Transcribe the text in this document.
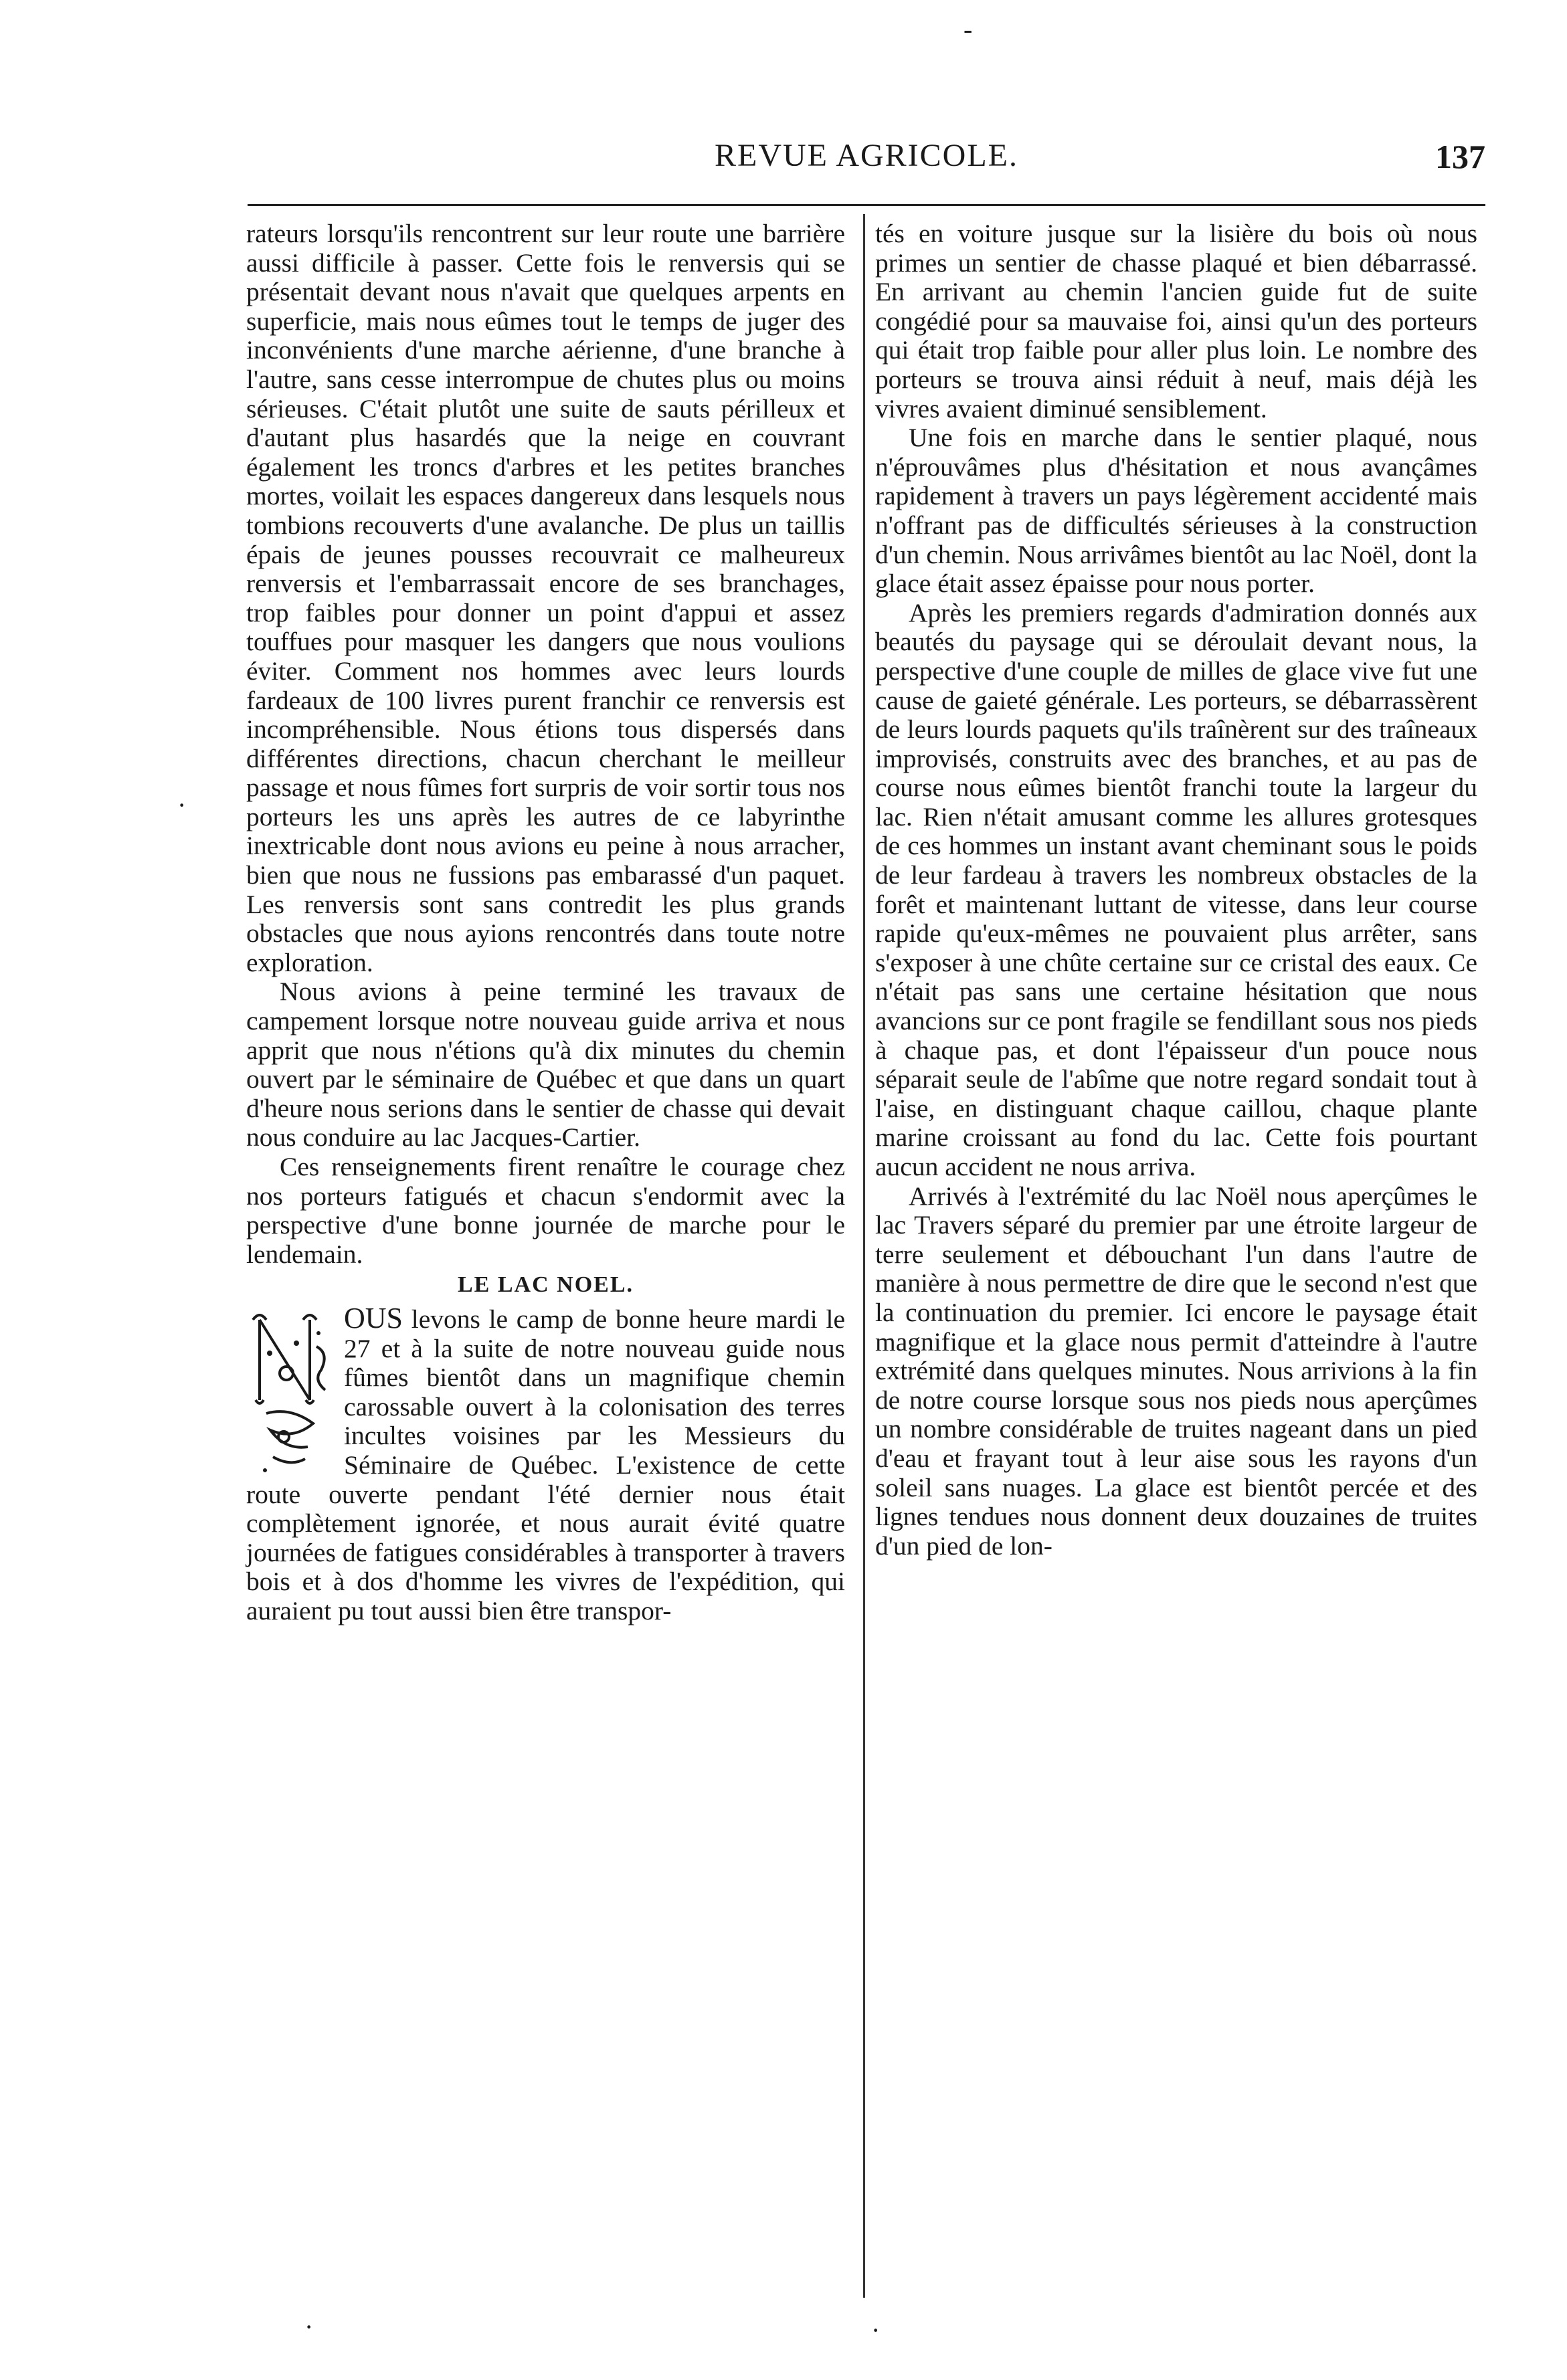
REVUE AGRICOLE.	137

rateurs lorsqu'ils rencontrent sur leur route une barrière aussi difficile à passer. Cette fois le renversis qui se présentait devant nous n'avait que quelques arpents en superficie, mais nous eûmes tout le temps de juger des inconvénients d'une marche aérienne, d'une branche à l'autre, sans cesse interrompue de chutes plus ou moins sérieuses. C'était plutôt une suite de sauts périlleux et d'autant plus hasardés que la neige en couvrant également les troncs d'arbres et les petites branches mortes, voilait les espaces dangereux dans lesquels nous tombions recouverts d'une avalanche. De plus un taillis épais de jeunes pousses recouvrait ce malheureux renversis et l'embarrassait encore de ses branchages, trop faibles pour donner un point d'appui et assez touffues pour masquer les dangers que nous voulions éviter. Comment nos hommes avec leurs lourds fardeaux de 100 livres purent franchir ce renversis est incompréhensible. Nous étions tous dispersés dans différentes directions, chacun cherchant le meilleur passage et nous fûmes fort surpris de voir sortir tous nos porteurs les uns après les autres de ce labyrinthe inextricable dont nous avions eu peine à nous arracher, bien que nous ne fussions pas embarassé d'un paquet. Les renversis sont sans contredit les plus grands obstacles que nous ayions rencontrés dans toute notre exploration.

Nous avions à peine terminé les travaux de campement lorsque notre nouveau guide arriva et nous apprit que nous n'étions qu'à dix minutes du chemin ouvert par le séminaire de Québec et que dans un quart d'heure nous serions dans le sentier de chasse qui devait nous conduire au lac Jacques-Cartier.

Ces renseignements firent renaître le courage chez nos porteurs fatigués et chacun s'endormit avec la perspective d'une bonne journée de marche pour le lendemain.

LE LAC NOEL.

OUS levons le camp de bonne heure mardi le 27 et à la suite de notre nouveau guide nous fûmes bientôt dans un magnifique chemin carossable ouvert à la colonisation des terres incultes voisines par les Messieurs du Séminaire de Québec. L'existence de cette route ouverte pendant l'été dernier nous était complètement ignorée, et nous aurait évité quatre journées de fatigues considérables à transporter à travers bois et à dos d'homme les vivres de l'expédition, qui auraient pu tout aussi bien être transpor-

tés en voiture jusque sur la lisière du bois où nous primes un sentier de chasse plaqué et bien débarrassé. En arrivant au chemin l'ancien guide fut de suite congédié pour sa mauvaise foi, ainsi qu'un des porteurs qui était trop faible pour aller plus loin. Le nombre des porteurs se trouva ainsi réduit à neuf, mais déjà les vivres avaient diminué sensiblement.

Une fois en marche dans le sentier plaqué, nous n'éprouvâmes plus d'hésitation et nous avançâmes rapidement à travers un pays légèrement accidenté mais n'offrant pas de difficultés sérieuses à la construction d'un chemin. Nous arrivâmes bientôt au lac Noël, dont la glace était assez épaisse pour nous porter.

Après les premiers regards d'admiration donnés aux beautés du paysage qui se déroulait devant nous, la perspective d'une couple de milles de glace vive fut une cause de gaieté générale. Les porteurs, se débarrassèrent de leurs lourds paquets qu'ils traînèrent sur des traîneaux improvisés, construits avec des branches, et au pas de course nous eûmes bientôt franchi toute la largeur du lac. Rien n'était amusant comme les allures grotesques de ces hommes un instant avant cheminant sous le poids de leur fardeau à travers les nombreux obstacles de la forêt et maintenant luttant de vitesse, dans leur course rapide qu'eux-mêmes ne pouvaient plus arrêter, sans s'exposer à une chûte certaine sur ce cristal des eaux. Ce n'était pas sans une certaine hésitation que nous avancions sur ce pont fragile se fendillant sous nos pieds à chaque pas, et dont l'épaisseur d'un pouce nous séparait seule de l'abîme que notre regard sondait tout à l'aise, en distinguant chaque caillou, chaque plante marine croissant au fond du lac. Cette fois pourtant aucun accident ne nous arriva.

Arrivés à l'extrémité du lac Noël nous aperçûmes le lac Travers séparé du premier par une étroite largeur de terre seulement et débouchant l'un dans l'autre de manière à nous permettre de dire que le second n'est que la continuation du premier. Ici encore le paysage était magnifique et la glace nous permit d'atteindre à l'autre extrémité dans quelques minutes. Nous arrivions à la fin de notre course lorsque sous nos pieds nous aperçûmes un nombre considérable de truites nageant dans un pied d'eau et frayant tout à leur aise sous les rayons d'un soleil sans nuages. La glace est bientôt percée et des lignes tendues nous donnent deux douzaines de truites d'un pied de lon-

-
·
·	·
